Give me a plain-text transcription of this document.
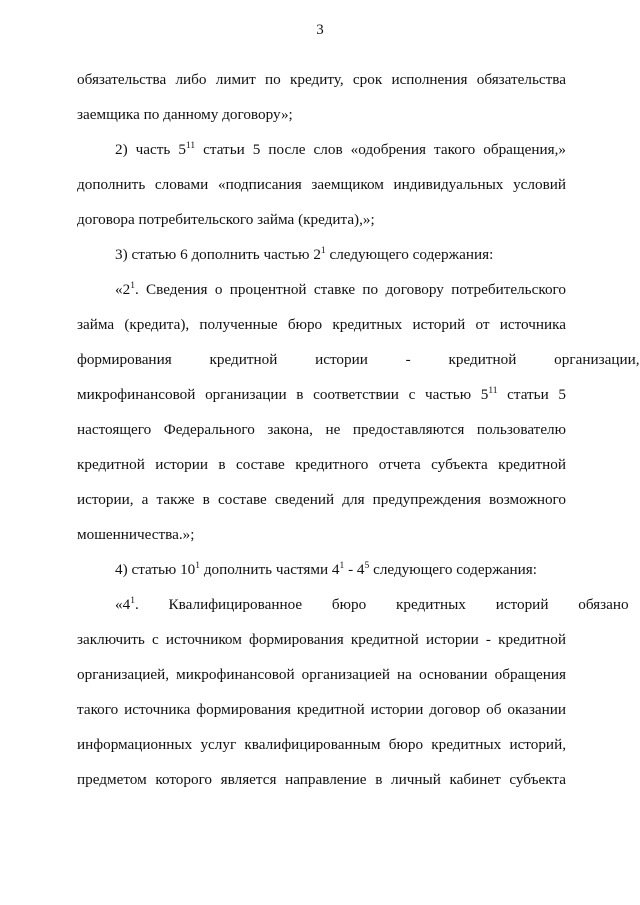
3
обязательства либо лимит по кредиту, срок исполнения обязательства
заемщика по данному договору»;
2) часть $5^{11}$ статьи 5 после слов «одобрения такого обращения,»
дополнить словами «подписания заемщиком индивидуальных условий
договора потребительского займа (кредита),»;
3) статью 6 дополнить частью $2^1$ следующего содержания:
«$2^1$. Сведения о процентной ставке по договору потребительского
займа (кредита), полученные бюро кредитных историй от источника
формирования кредитной истории - кредитной организации,
микрофинансовой организации в соответствии с частью $5^{11}$ статьи 5
настоящего Федерального закона, не предоставляются пользователю
кредитной истории в составе кредитного отчета субъекта кредитной
истории, а также в составе сведений для предупреждения возможного
мошенничества.»;
4) статью $10^1$ дополнить частями $4^1 - 4^5$ следующего содержания:
«$4^1$. Квалифицированное бюро кредитных историй обязано
заключить с источником формирования кредитной истории - кредитной
организацией, микрофинансовой организацией на основании обращения
такого источника формирования кредитной истории договор об оказании
информационных услуг квалифицированным бюро кредитных историй,
предметом которого является направление в личный кабинет субъекта
